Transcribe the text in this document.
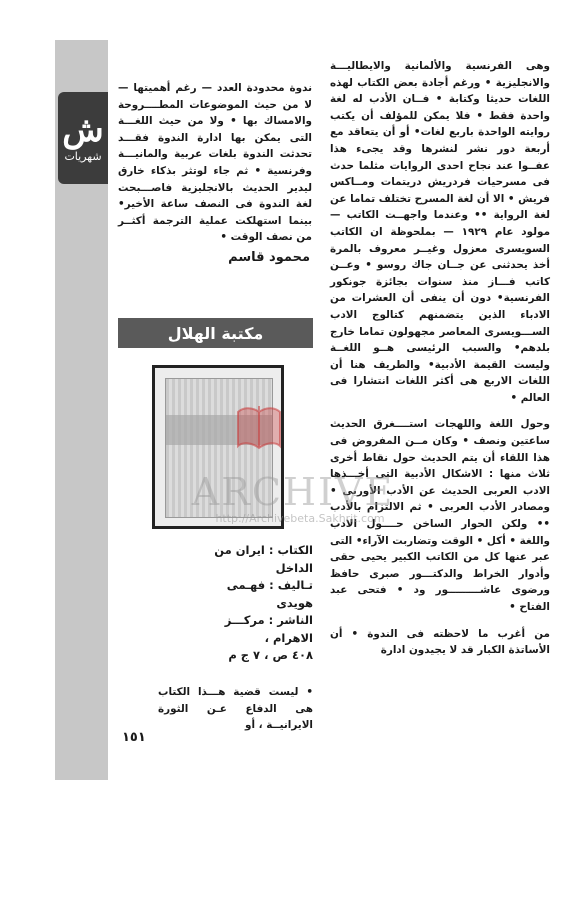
ش
شهريات

وهى الفرنسية والألمانية والايطاليـــة والانجليزية • ورغم أجادة بعض الكتاب لهذه اللغات حديثا وكتابة • فــان الأدب له لغة واحدة فقط • فلا يمكن للمؤلف أن يكتب روايته الواحدة باربع لغات• أو أن يتعاقد مع أربعة دور نشر لنشرها وقد يجىء هذا عفــوا عند نجاح احدى الروايات مثلما حدث فى مسرحيات فردريش دريتمات ومــاكس فريش • الا أن لغة المسرح تختلف تماما عن لغة الرواية •• وعندما واجهــت الكاتب — مولود عام ١٩٢٩ — بملحوظة ان الكاتب السويسرى معزول وغيــر معروف بالمرة أخذ يحدثنى عن جــان جاك روسو • وعــن كاتب فـــاز منذ سنوات بجائزة جونكور الفرنسية• دون أن ينفى أن العشرات من الادباء الذين يتضمنهم كتالوج الادب الســـويسرى المعاصر مجهولون تماما خارج بلدهم• والسبب الرئيسى هــو اللغــة وليست القيمة الأدبية• والطريف هنا أن اللغات الاربع هى أكثر اللغات انتشارا فى العالم •

وحول اللغة واللهجات استــــغرق الحديث ساعتين ونصف • وكان مــن المفروض فى هذا اللقاء أن يتم الحديث حول نقاط أخرى ثلاث منها : الاشكال الأدبية التى أخـــذها الادب العربى الحديث عن الأدب الأوربى • ومصادر الأدب العربى • ثم الالتزام بالأدب •• ولكن الحوار الساخن حــــول الادب واللغة • أكل • الوقت وتضاربت الآراء• التى عبر عنها كل من الكاتب الكبير يحيى حقى وأدوار الخراط والدكتـــور صبرى حافظ ورضوى عاشـــــــــور ود • فتحى عبد الفتاح •

من أغرب ما لاحظته فى الندوة • أن الأساتذة الكبار قد لا يجيدون ادارة

ندوة محدودة العدد — رغم أهميتها — لا من حيث الموضوعات المطــــروحة والامساك بها • ولا من حيث اللغـــة التى يمكن بها ادارة الندوة فقـــد تحدثت الندوة بلغات عربية والمانيـــة وفرنسية • ثم جاء لوتثر بذكاء خارق ليدير الحديث بالانجليزية فاصـــبحت لغة الندوة فى النصف ساعة الأخير• بينما استهلكت عملية الترجمة أكثــر من نصف الوقت •

محمود قاسم
مكتبة الهلال
الكتاب : ايران من
الداخل
تـاليف : فهـمى
هويدى
الناشر : مركـــز
الاهرام ،
٤٠٨ ص ، ٧ ج م

• ليست قضية هـــذا الكتاب هى الدفاع عـن الثورة الايرانيــة ، أو

١٥١
ARCHIVE
http://Archivebeta.Sakhrit.com
